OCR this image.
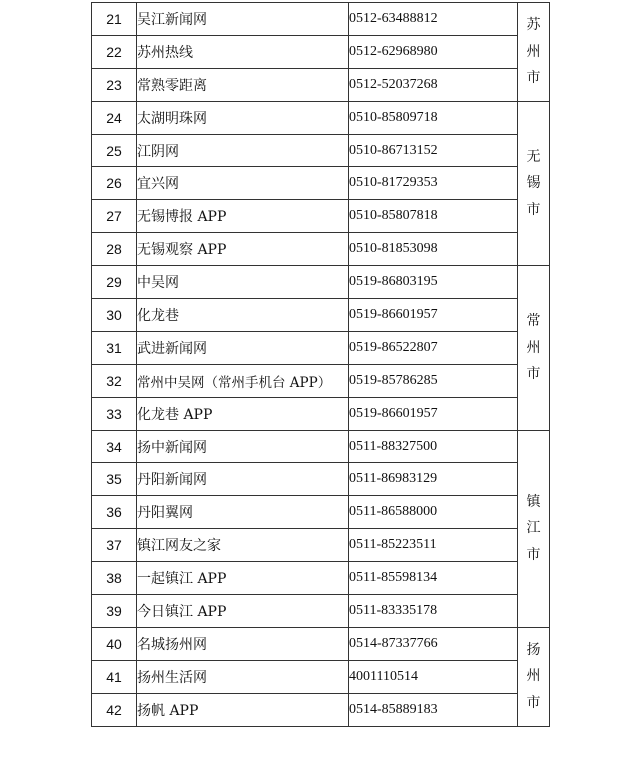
21	吴江新闻网	0512-63488812	苏
州
市

22	苏州热线	0512-62968980	
23	常熟零距离	0512-52037268	
24	太湖明珠网	0510-85809718	无
锡
市

25	江阴网	0510-86713152	
26	宜兴网	0510-81729353	
27	无锡博报 APP	0510-85807818	
28	无锡观察 APP	0510-81853098	
29	中吴网	0519-86803195	常
州
市

30	化龙巷	0519-86601957	
31	武进新闻网	0519-86522807	
32	常州中吴网（常州手机台 APP）	0519-85786285	
33	化龙巷 APP	0519-86601957	
34	扬中新闻网	0511-88327500	镇
江
市

35	丹阳新闻网	0511-86983129	
36	丹阳翼网	0511-86588000	
37	镇江网友之家	0511-85223511	
38	一起镇江 APP	0511-85598134	
39	今日镇江 APP	0511-83335178	
40	名城扬州网	0514-87337766	扬
州
市

41	扬州生活网	4001110514	
42	扬帆 APP	0514-85889183	
